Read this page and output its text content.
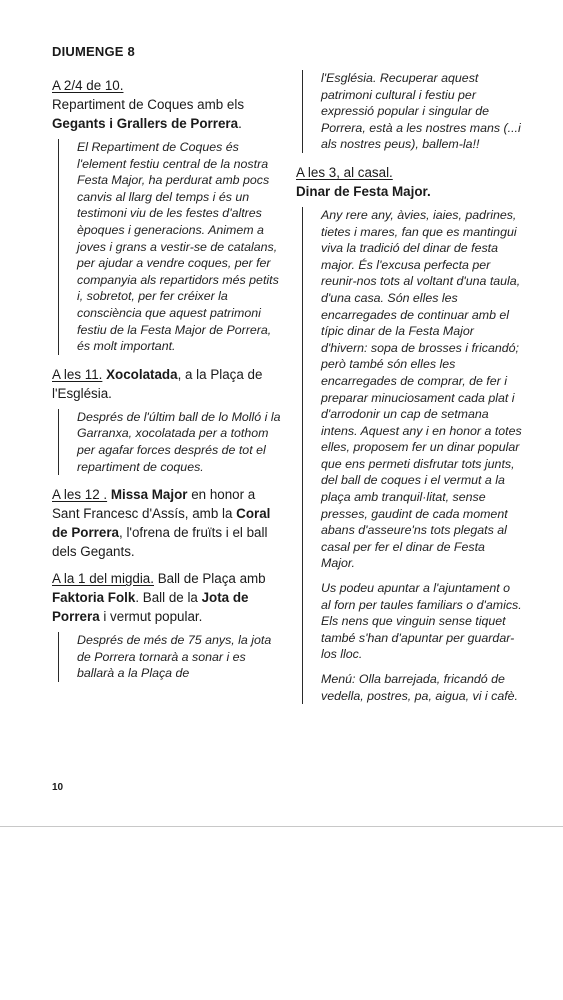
DIUMENGE 8
A 2/4 de 10.
Repartiment de Coques amb els Gegants i Grallers de Porrera.

El Repartiment de Coques és l'element festiu central de la nostra Festa Major, ha perdurat amb pocs canvis al llarg del temps i és un testimoni viu de les festes d'altres èpoques i generacions. Animem a joves i grans a vestir-se de catalans, per ajudar a vendre coques, per fer companyia als repartidors més petits i, sobretot, per fer créixer la consciència que aquest patrimoni festiu de la Festa Major de Porrera, és molt important.

A les 11. Xocolatada, a la Plaça de l'Església.

Després de l'últim ball de lo Molló i la Garranxa, xocolatada per a tothom per agafar forces després de tot el repartiment de coques.

A les 12 . Missa Major en honor a Sant Francesc d'Assís, amb la Coral de Porrera, l'ofrena de fruïts i el ball dels Gegants.
A la 1 del migdia. Ball de Plaça amb Faktoria Folk. Ball de la Jota de Porrera i vermut popular.

Després de més de 75 anys, la jota de Porrera tornarà a sonar i es ballarà a la Plaça de

l'Església. Recuperar aquest patrimoni cultural i festiu per expressió popular i singular de Porrera, està a les nostres mans (...i als nostres peus), ballem-la!!

A les 3, al casal.
Dinar de Festa Major.

Any rere any, àvies, iaies, padrines, tietes i mares, fan que es mantingui viva la tradició del dinar de festa major. És l'excusa perfecta per reunir-nos tots al voltant d'una taula, d'una casa. Són elles les encarregades de continuar amb el típic dinar de la Festa Major d'hivern: sopa de brosses i fricandó; però també són elles les encarregades de comprar, de fer i preparar minuciosament cada plat i d'arrodonir un cap de setmana intens. Aquest any i en honor a totes elles, proposem fer un dinar popular que ens permeti disfrutar tots junts, del ball de coques i el vermut a la plaça amb tranquil·litat, sense presses, gaudint de cada moment abans d'asseure'ns tots plegats al casal per fer el dinar de Festa Major.

Us podeu apuntar a l'ajuntament o al forn per taules familiars o d'amics. Els nens que vinguin sense tiquet també s'han d'apuntar per guardar-los lloc.

Menú: Olla barrejada, fricandó de vedella, postres, pa, aigua, vi i cafè.

10
